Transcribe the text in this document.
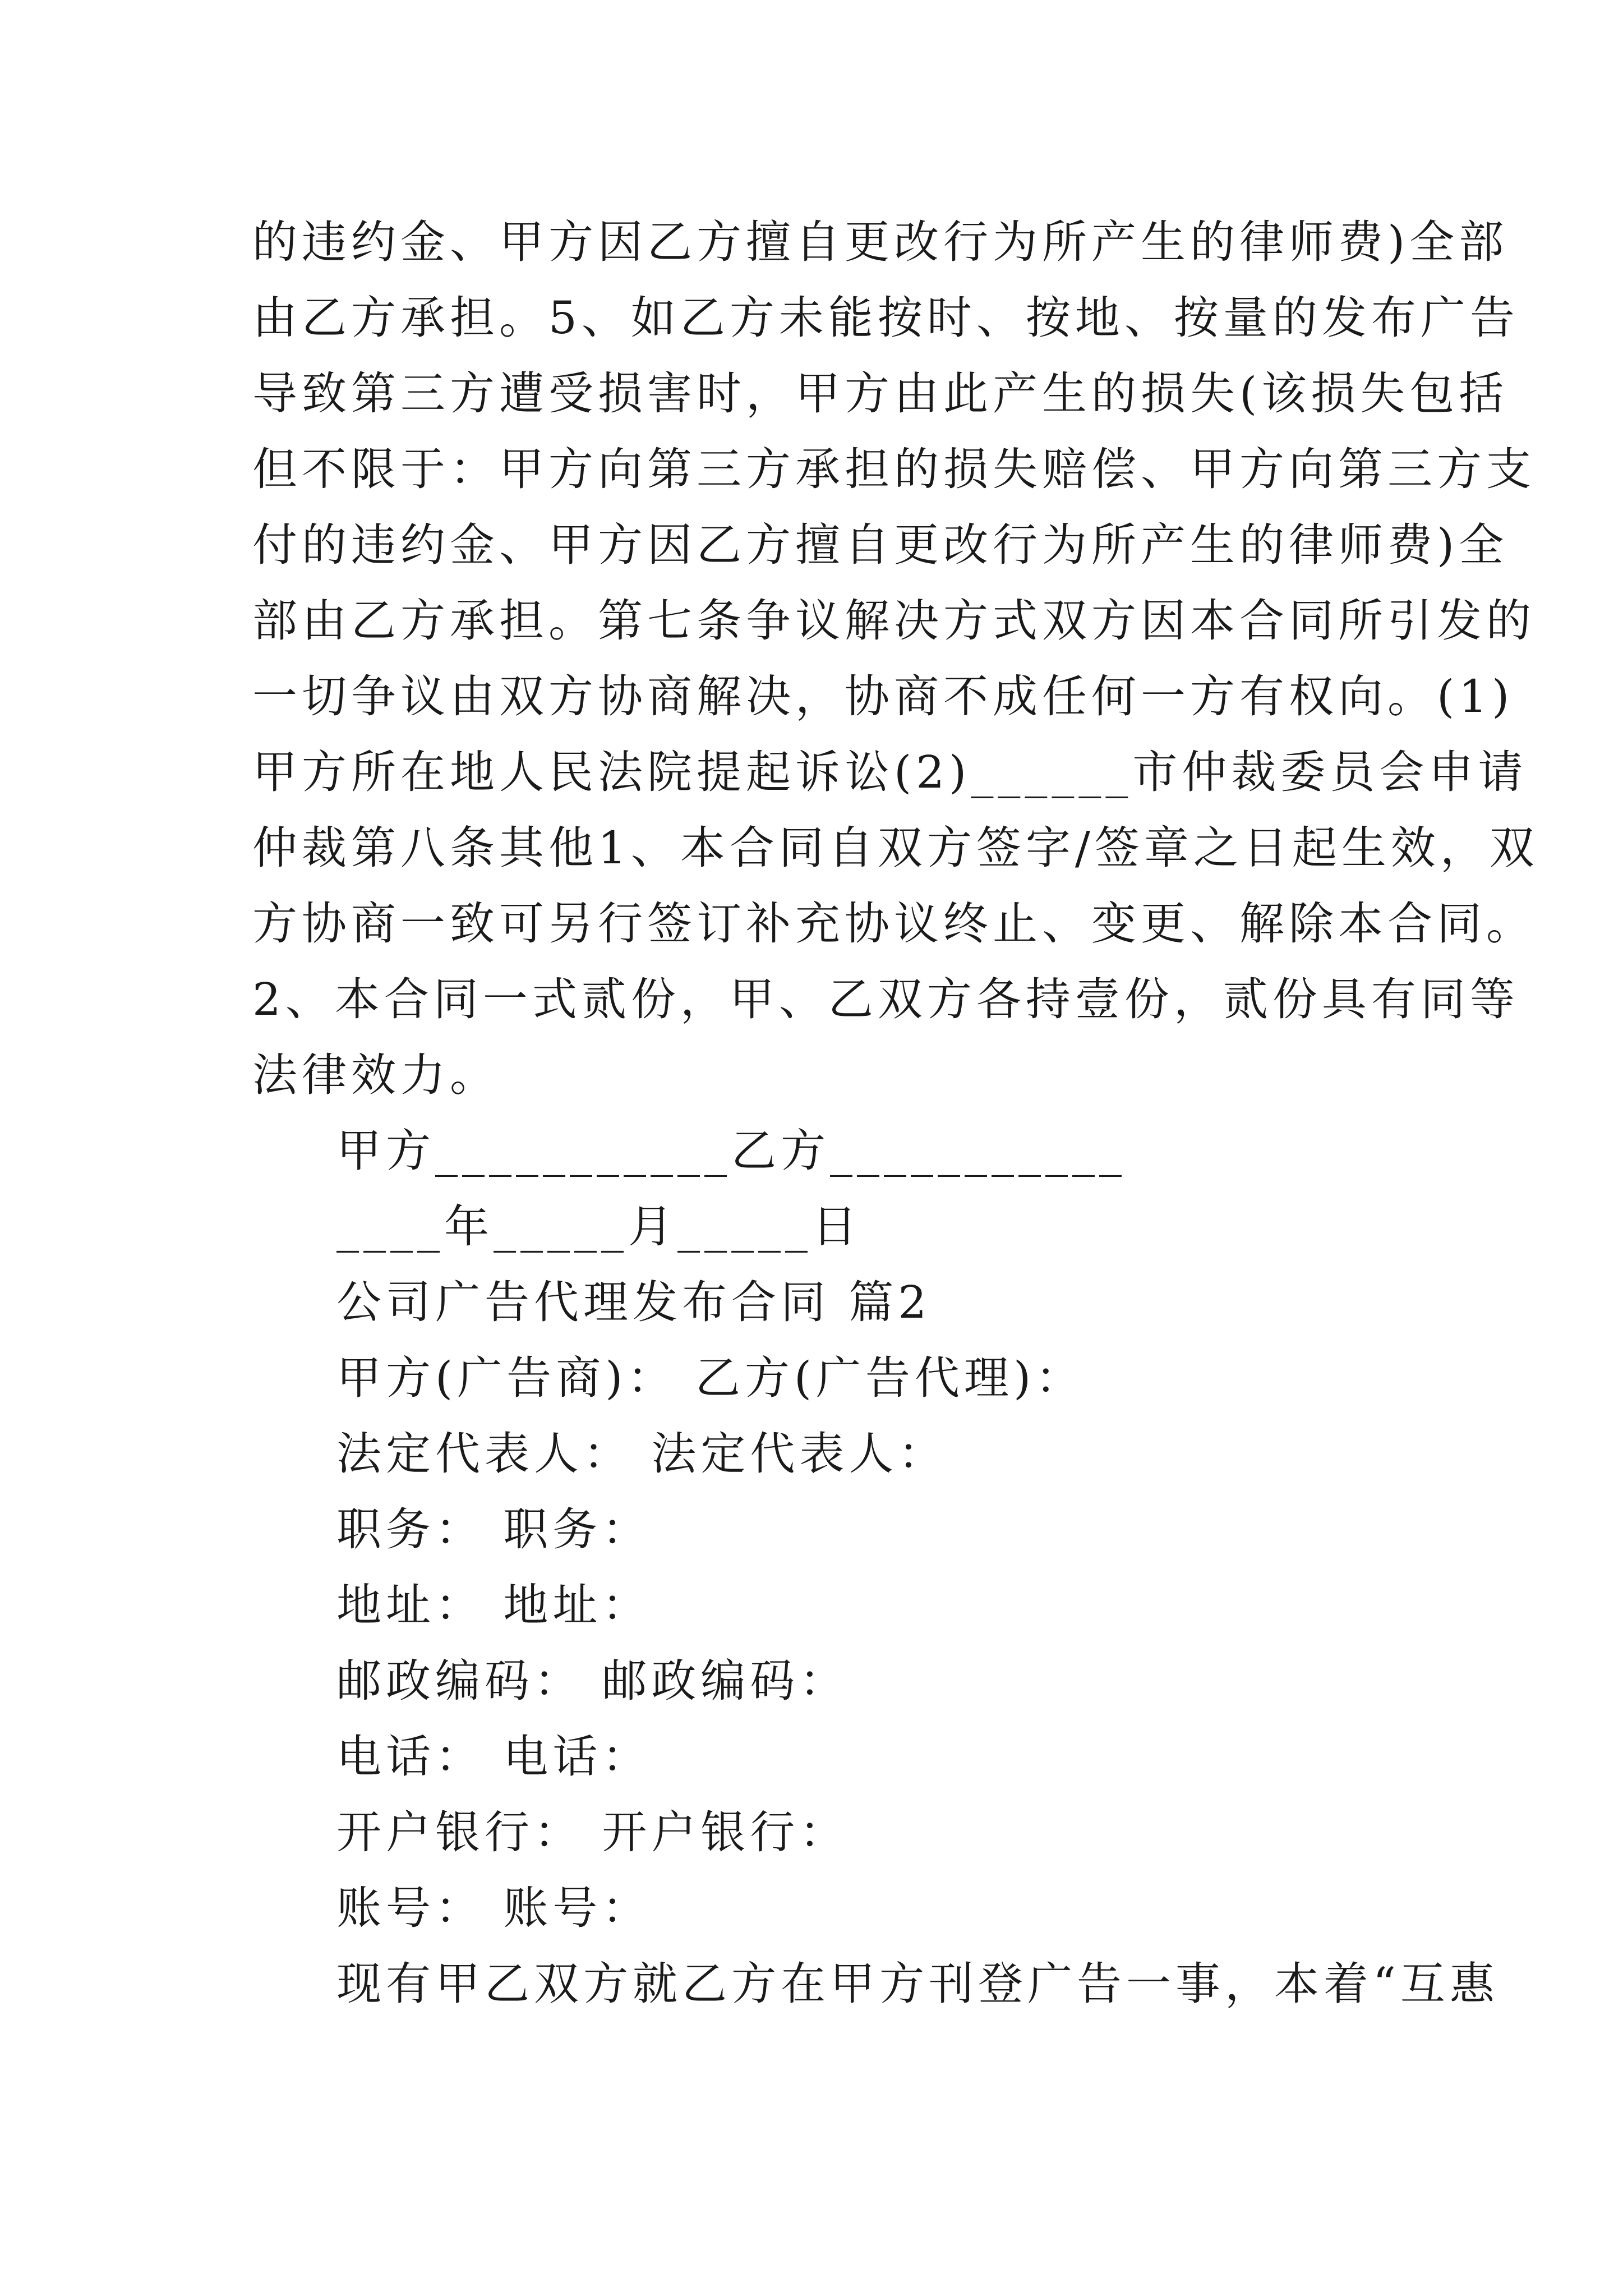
的违约金、甲方因乙方擅自更改行为所产生的律师费)全部
由乙方承担。5、如乙方未能按时、按地、按量的发布广告
导致第三方遭受损害时，甲方由此产生的损失(该损失包括
但不限于：甲方向第三方承担的损失赔偿、甲方向第三方支
付的违约金、甲方因乙方擅自更改行为所产生的律师费)全
部由乙方承担。第七条争议解决方式双方因本合同所引发的
一切争议由双方协商解决，协商不成任何一方有权向。(1)
甲方所在地人民法院提起诉讼(2)______市仲裁委员会申请
仲裁第八条其他1、本合同自双方签字/签章之日起生效，双
方协商一致可另行签订补充协议终止、变更、解除本合同。
2、本合同一式贰份，甲、乙双方各持壹份，贰份具有同等
法律效力。
甲方___________乙方___________
____年_____月_____日
公司广告代理发布合同 篇2
甲方(广告商)： 乙方(广告代理)：
法定代表人： 法定代表人：
职务： 职务：
地址： 地址：
邮政编码： 邮政编码：
电话： 电话：
开户银行： 开户银行：
账号： 账号：
现有甲乙双方就乙方在甲方刊登广告一事，本着“互惠
